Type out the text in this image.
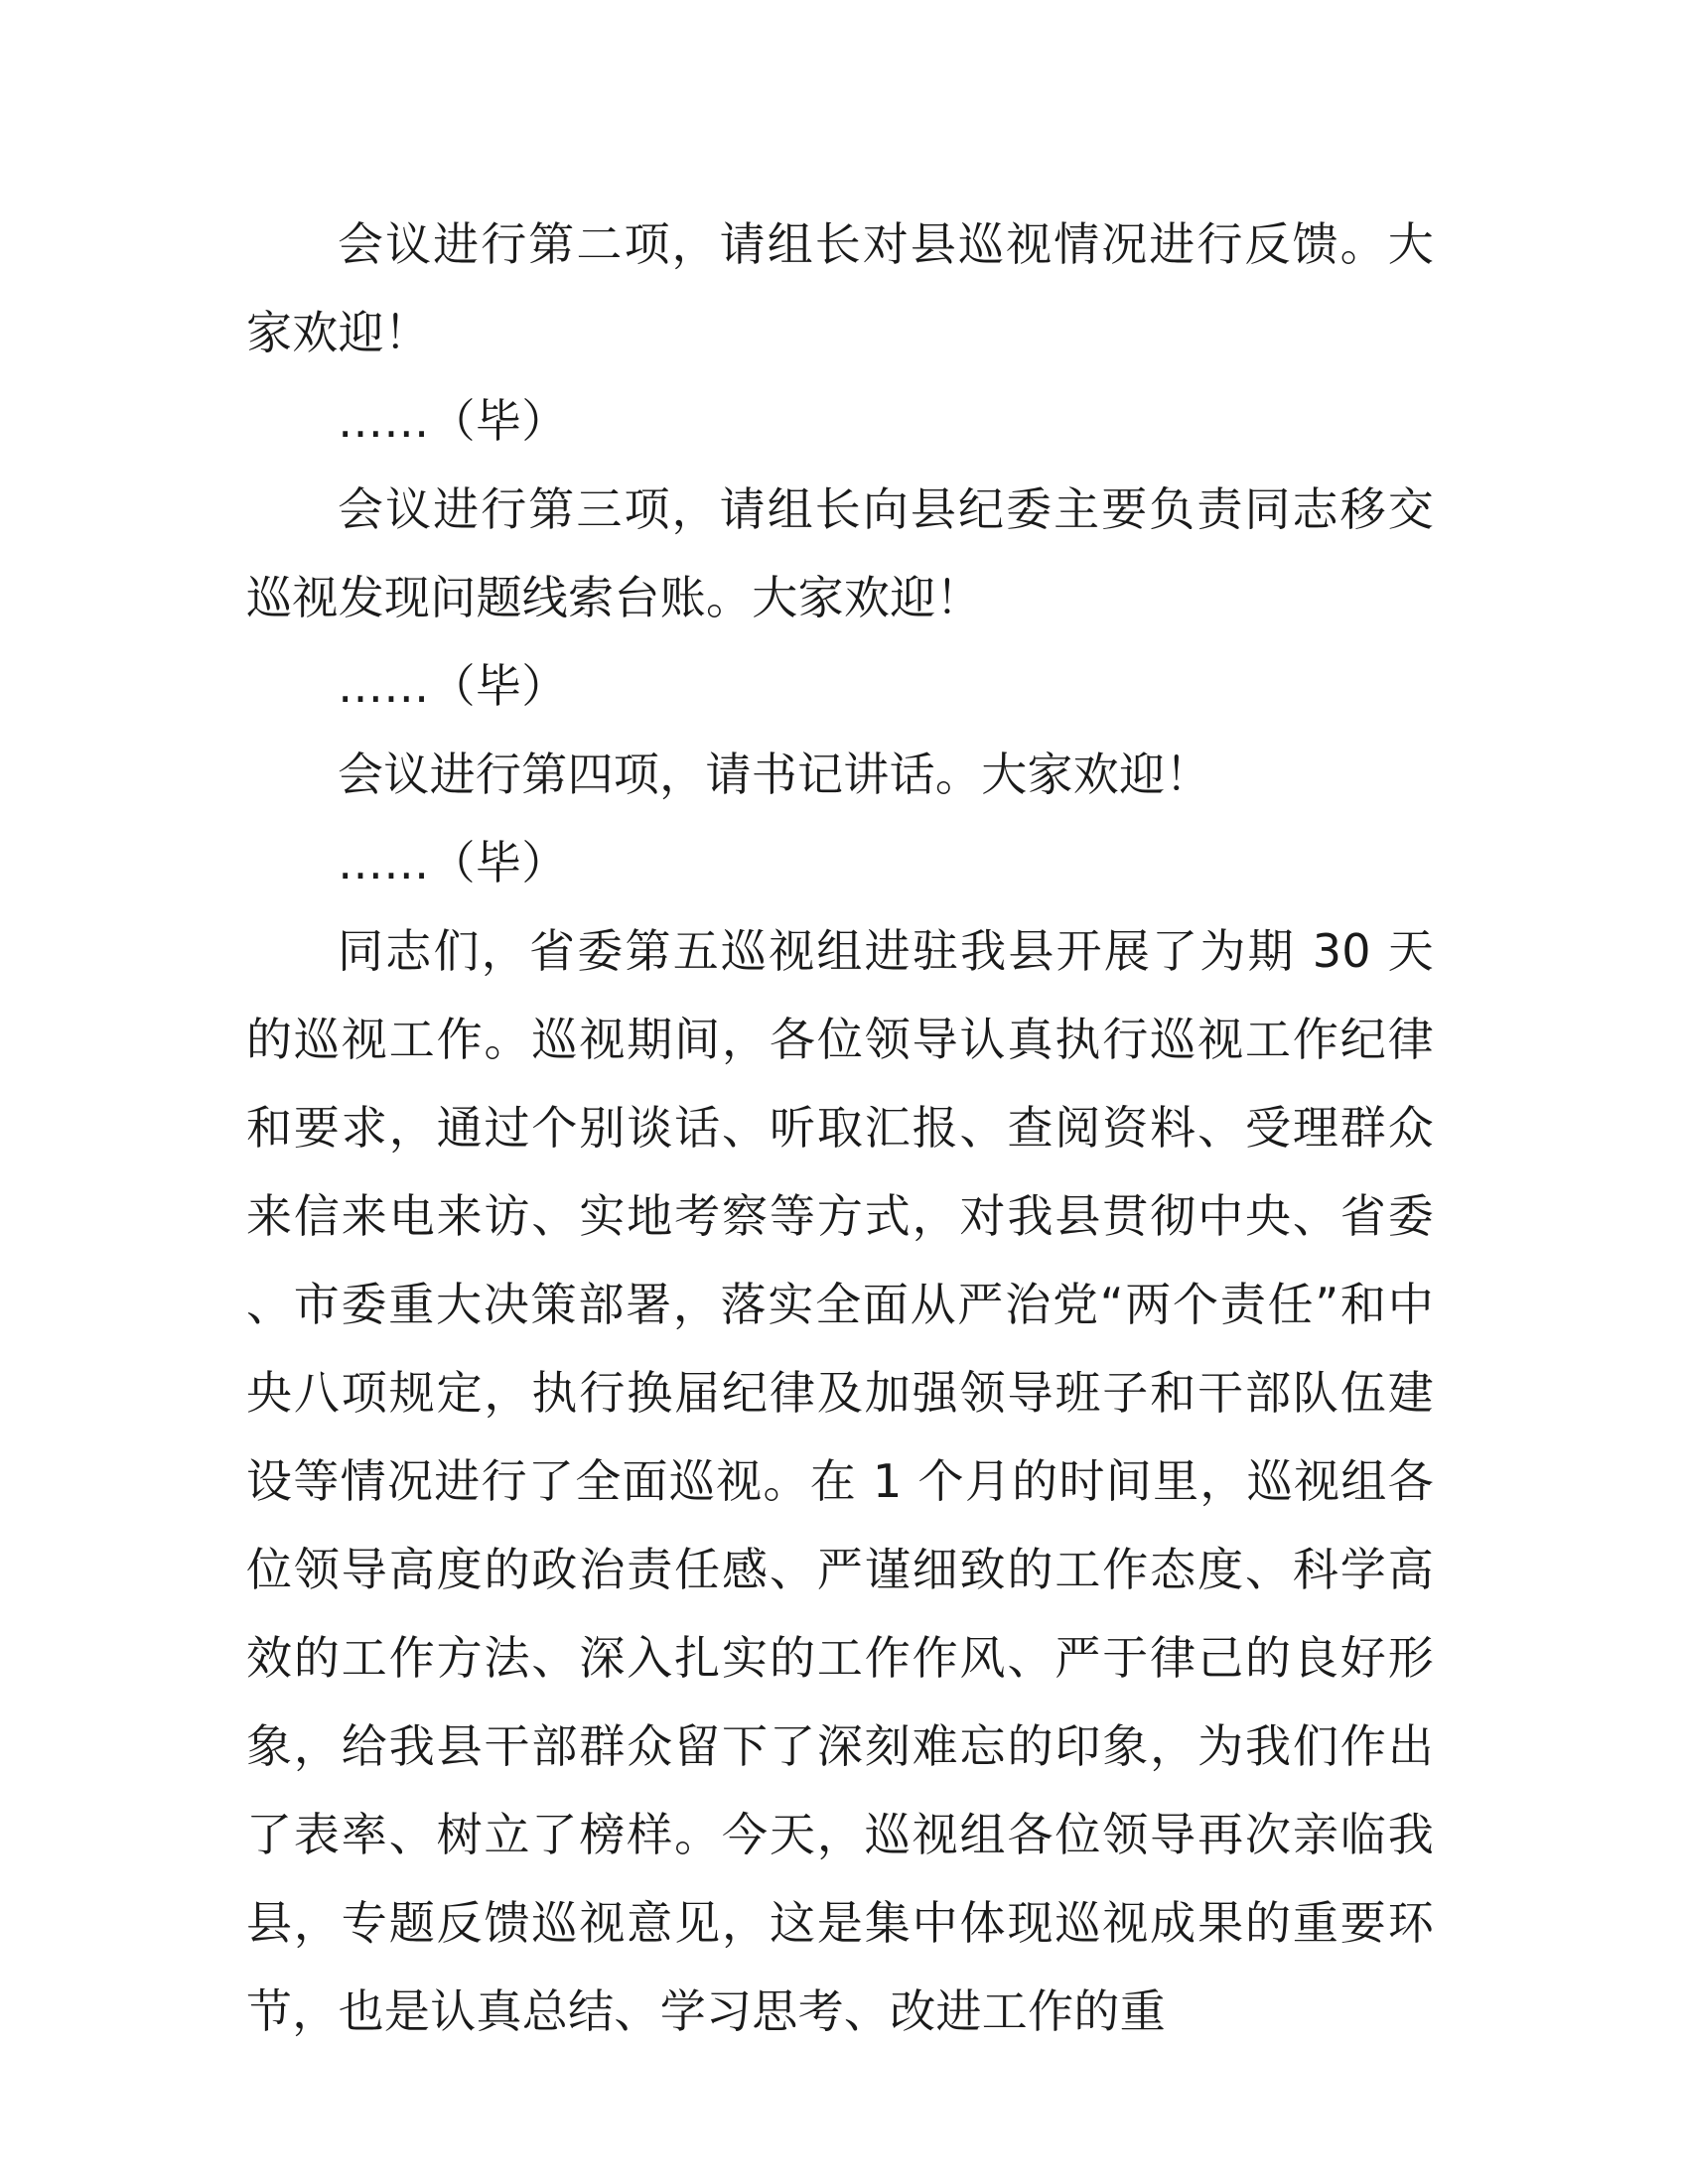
会议进行第二项，请组长对县巡视情况进行反馈。大家欢迎！

……（毕）

会议进行第三项，请组长向县纪委主要负责同志移交巡视发现问题线索台账。大家欢迎！

……（毕）

会议进行第四项，请书记讲话。大家欢迎！

……（毕）

同志们，省委第五巡视组进驻我县开展了为期 30 天的巡视工作。巡视期间，各位领导认真执行巡视工作纪律和要求，通过个别谈话、听取汇报、查阅资料、受理群众来信来电来访、实地考察等方式，对我县贯彻中央、省委、市委重大决策部署，落实全面从严治党“两个责任”和中央八项规定，执行换届纪律及加强领导班子和干部队伍建设等情况进行了全面巡视。在 1 个月的时间里，巡视组各位领导高度的政治责任感、严谨细致的工作态度、科学高效的工作方法、深入扎实的工作作风、严于律己的良好形象，给我县干部群众留下了深刻难忘的印象，为我们作出了表率、树立了榜样。今天，巡视组各位领导再次亲临我县，专题反馈巡视意见，这是集中体现巡视成果的重要环节，也是认真总结、学习思考、改进工作的重
